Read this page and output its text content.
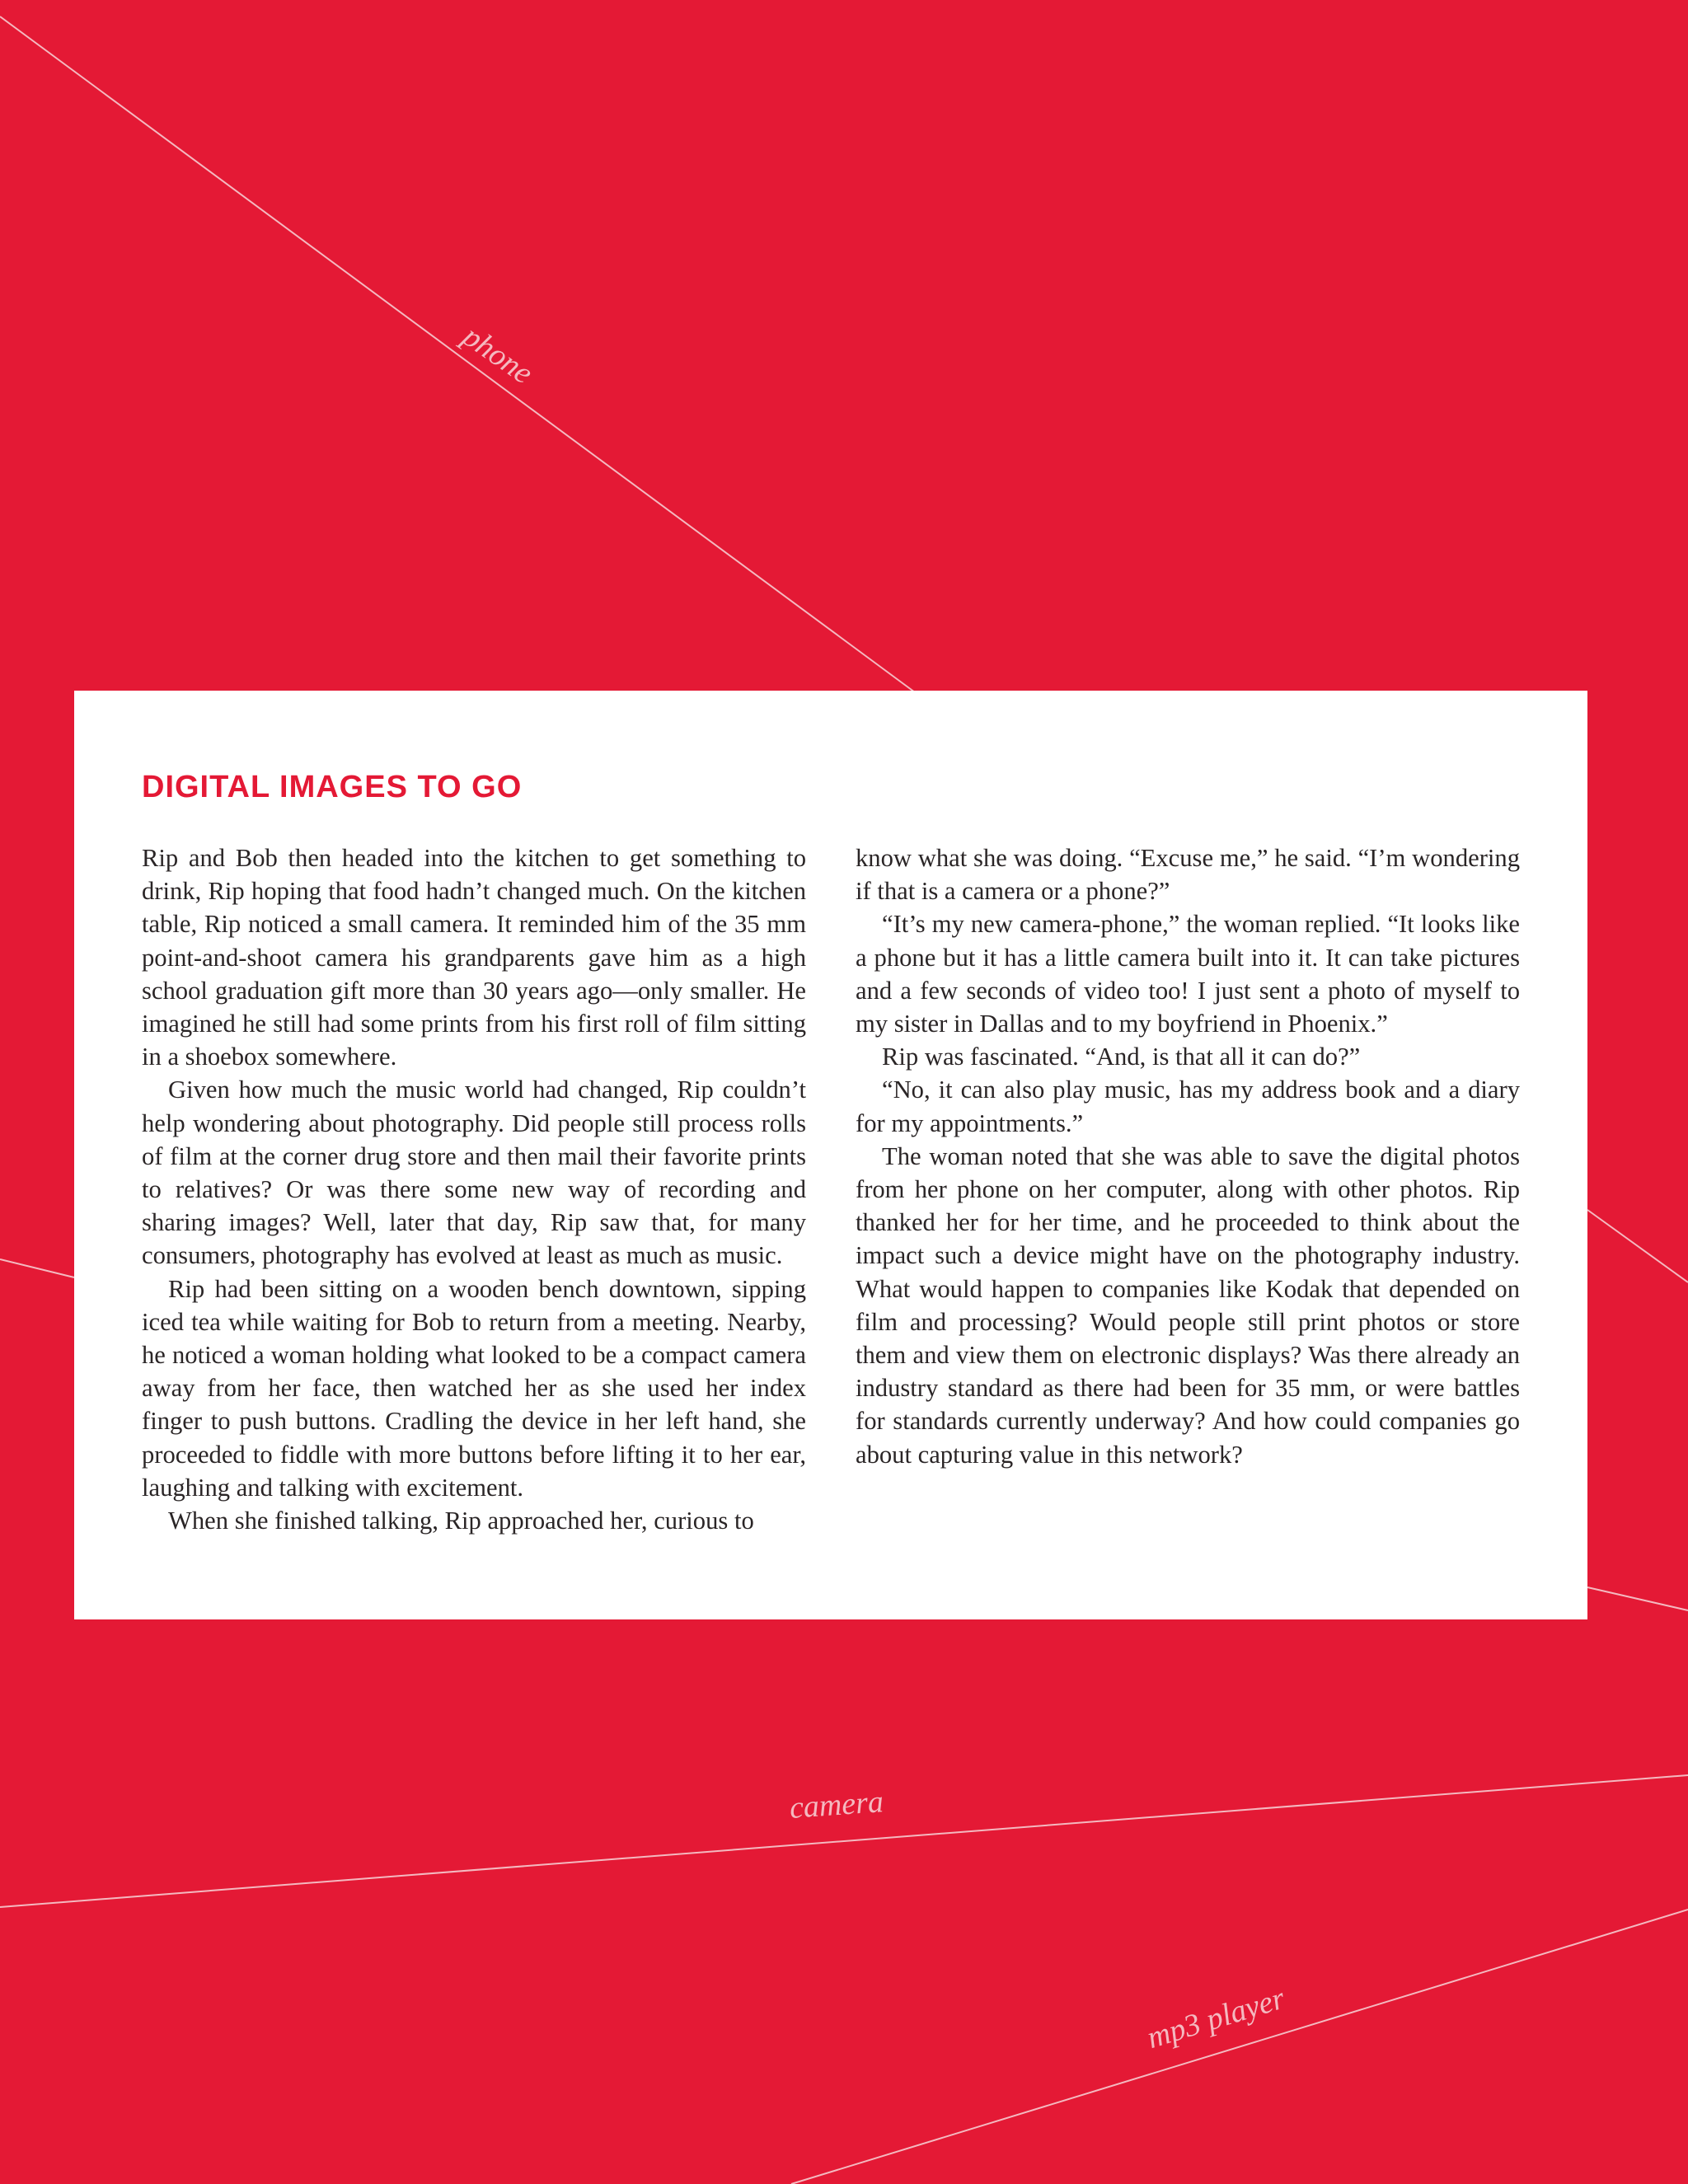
phone
camera
mp3 player
DIGITAL IMAGES TO GO

Rip and Bob then headed into the kitchen to get something to drink, Rip hoping that food hadn’t changed much. On the kitchen table, Rip noticed a small camera. It reminded him of the 35 mm point-and-shoot camera his grandparents gave him as a high school graduation gift more than 30 years ago—only smaller. He imagined he still had some prints from his first roll of film sitting in a shoebox somewhere.

Given how much the music world had changed, Rip couldn’t help wondering about photography. Did people still process rolls of film at the corner drug store and then mail their favorite prints to relatives? Or was there some new way of recording and sharing images? Well, later that day, Rip saw that, for many consumers, photography has evolved at least as much as music.

Rip had been sitting on a wooden bench downtown, sipping iced tea while waiting for Bob to return from a meeting. Nearby, he noticed a woman holding what looked to be a compact camera away from her face, then watched her as she used her index finger to push buttons. Cradling the device in her left hand, she proceeded to fiddle with more buttons before lifting it to her ear, laughing and talking with excitement.

When she finished talking, Rip approached her, curious to

know what she was doing. “Excuse me,” he said. “I’m wondering if that is a camera or a phone?”

“It’s my new camera-phone,” the woman replied. “It looks like a phone but it has a little camera built into it. It can take pictures and a few seconds of video too! I just sent a photo of myself to my sister in Dallas and to my boyfriend in Phoenix.”

Rip was fascinated. “And, is that all it can do?”

“No, it can also play music, has my address book and a diary for my appointments.”

The woman noted that she was able to save the digital photos from her phone on her computer, along with other photos. Rip thanked her for her time, and he proceeded to think about the impact such a device might have on the photography industry. What would happen to companies like Kodak that depended on film and processing? Would people still print photos or store them and view them on electronic displays? Was there already an industry standard as there had been for 35 mm, or were battles for standards currently underway? And how could companies go about capturing value in this network?
